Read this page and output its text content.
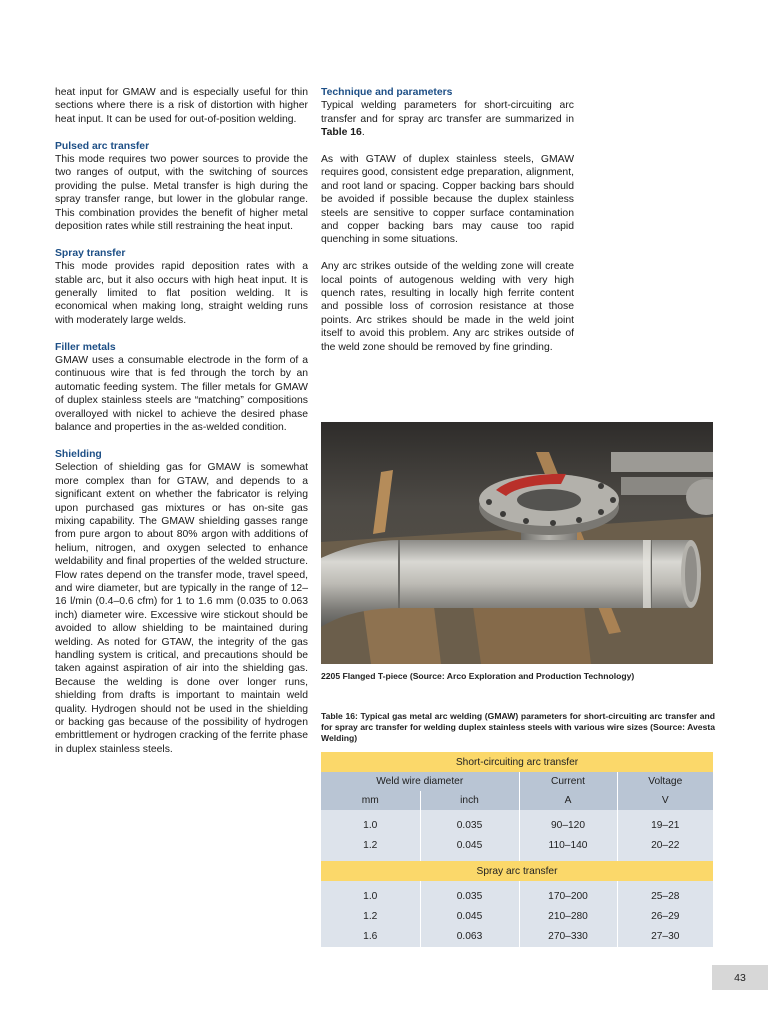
heat input for GMAW and is especially useful for thin sections where there is a risk of distortion with higher heat input. It can be used for out-of-position welding.

Pulsed arc transfer

This mode requires two power sources to provide the two ranges of output, with the switching of sources providing the pulse. Metal transfer is high during the spray transfer range, but lower in the globular range. This combination provides the benefit of higher metal deposition rates while still restraining the heat input.

Spray transfer

This mode provides rapid deposition rates with a stable arc, but it also occurs with high heat input. It is generally limited to flat position welding. It is economical when making long, straight welding runs with moderately large welds.

Filler metals

GMAW uses a consumable electrode in the form of a continuous wire that is fed through the torch by an automatic feeding system. The filler metals for GMAW of duplex stainless steels are “matching” compositions overalloyed with nickel to achieve the desired phase balance and properties in the as-welded condition.

Shielding

Selection of shielding gas for GMAW is somewhat more complex than for GTAW, and depends to a significant extent on whether the fabricator is relying upon purchased gas mixtures or has on-site gas mixing capability. The GMAW shielding gasses range from pure argon to about 80% argon with additions of helium, nitrogen, and oxygen selected to enhance weldability and final properties of the welded structure. Flow rates depend on the transfer mode, travel speed, and wire diameter, but are typically in the range of 12–16 l/min (0.4–0.6 cfm) for 1 to 1.6 mm (0.035 to 0.063 inch) diameter wire. Excessive wire stickout should be avoided to allow shielding to be maintained during welding. As noted for GTAW, the integrity of the gas handling system is critical, and precautions should be taken against aspiration of air into the shielding gas. Because the welding is done over longer runs, shielding from drafts is important to maintain weld quality. Hydrogen should not be used in the shielding or backing gas because of the possibility of hydrogen embrittlement or hydrogen cracking of the ferrite phase in duplex stainless steels.

Technique and parameters

Typical welding parameters for short-circuiting arc transfer and for spray arc transfer are summarized in Table 16.

As with GTAW of duplex stainless steels, GMAW requires good, consistent edge preparation, alignment, and root land or spacing. Copper backing bars should be avoided if possible because the duplex stainless steels are sensitive to copper surface contamination and copper backing bars may cause too rapid quenching in some situations.

Any arc strikes outside of the welding zone will create local points of autogenous welding with very high quench rates, resulting in locally high ferrite content and possible loss of corrosion resistance at those points. Arc strikes should be made in the weld joint itself to avoid this problem. Any arc strikes outside of the weld zone should be removed by fine grinding.

2205 Flanged T-piece (Source: Arco Exploration and Production Technology)
Table 16: Typical gas metal arc welding (GMAW) parameters for short-circuiting arc transfer and for spray arc transfer for welding duplex stainless steels with various wire sizes (Source: Avesta Welding)
Short-circuiting arc transfer			
Weld wire diameter		Current	Voltage
mm	inch	A	V

1.0	0.035	90–120	19–21
1.2	0.045	110–140	20–22

Spray arc transfer			

1.0	0.035	170–200	25–28
1.2	0.045	210–280	26–29
1.6	0.063	270–330	27–30
43
